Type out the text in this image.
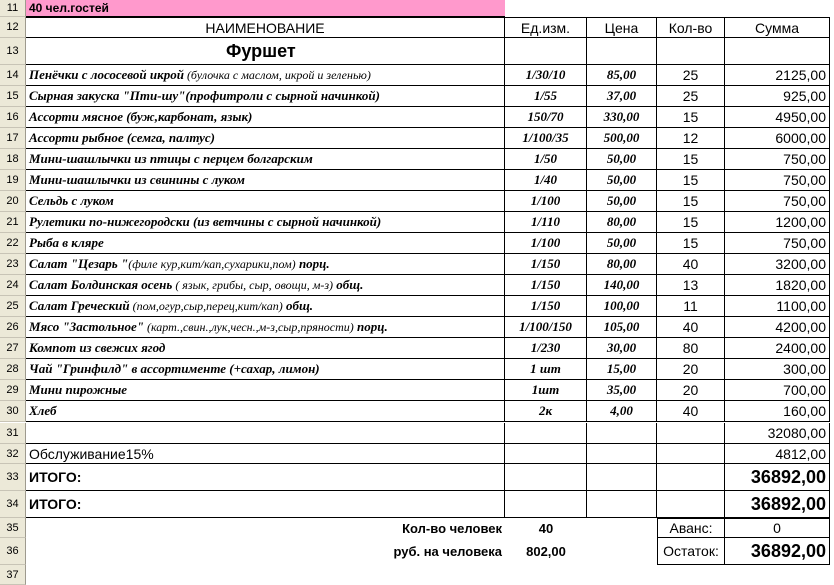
11 40 чел.гостей
12	НАИМЕНОВАНИЕ	Ед.изм.	Цена	Кол-во	Сумма
13	Фуршет
14 Пенёчки с лососевой икрой (булочка с маслом, икрой и зеленью)	1/30/10	85,00	25	2125,00
15 Сырная закуска "Пти-шу"(профитроли с сырной начинкой)	1/55	37,00	25	925,00
16 Ассорти мясное (буж,карбонат, язык)	150/70	330,00	15	4950,00
17 Ассорти рыбное (семга, палтус)	1/100/35	500,00	12	6000,00
18 Мини-шашлычки из птицы с перцем болгарским	1/50	50,00	15	750,00
19 Мини-шашлычки из свинины с луком	1/40	50,00	15	750,00
20 Сельдь с луком	1/100	50,00	15	750,00
21 Рулетики по-нижегородски (из ветчины с сырной начинкой)	1/110	80,00	15	1200,00
22 Рыба в кляре	1/100	50,00	15	750,00
23 Салат "Цезарь " (филе кур,кит/кап,сухарики,пом) порц.	1/150	80,00	40	3200,00
24 Салат Болдинская осень ( язык, грибы, сыр, овощи, м-з) общ.	1/150	140,00	13	1820,00
25 Салат Греческий (пом,огур,сыр,перец,кит/кап) общ.	1/150	100,00	11	1100,00
26 Мясо "Застольное" (карт.,свин.,лук,чесн.,м-з,сыр,пряности) порц.	1/100/150	105,00	40	4200,00
27 Компот из свежих ягод	1/230	30,00	80	2400,00
28 Чай "Гринфилд" в ассортименте (+сахар, лимон)	1 шт	15,00	20	300,00
29 Мини пирожные	1шт	35,00	20	700,00
30 Хлеб	2к	4,00	40	160,00
31	32080,00
32 Обслуживание15%	4812,00
33 ИТОГО:	36892,00
34 ИТОГО:	36892,00
35	Кол-во человек	40	Аванс:	0
36	руб. на человека	802,00	Остаток:	36892,00
37
